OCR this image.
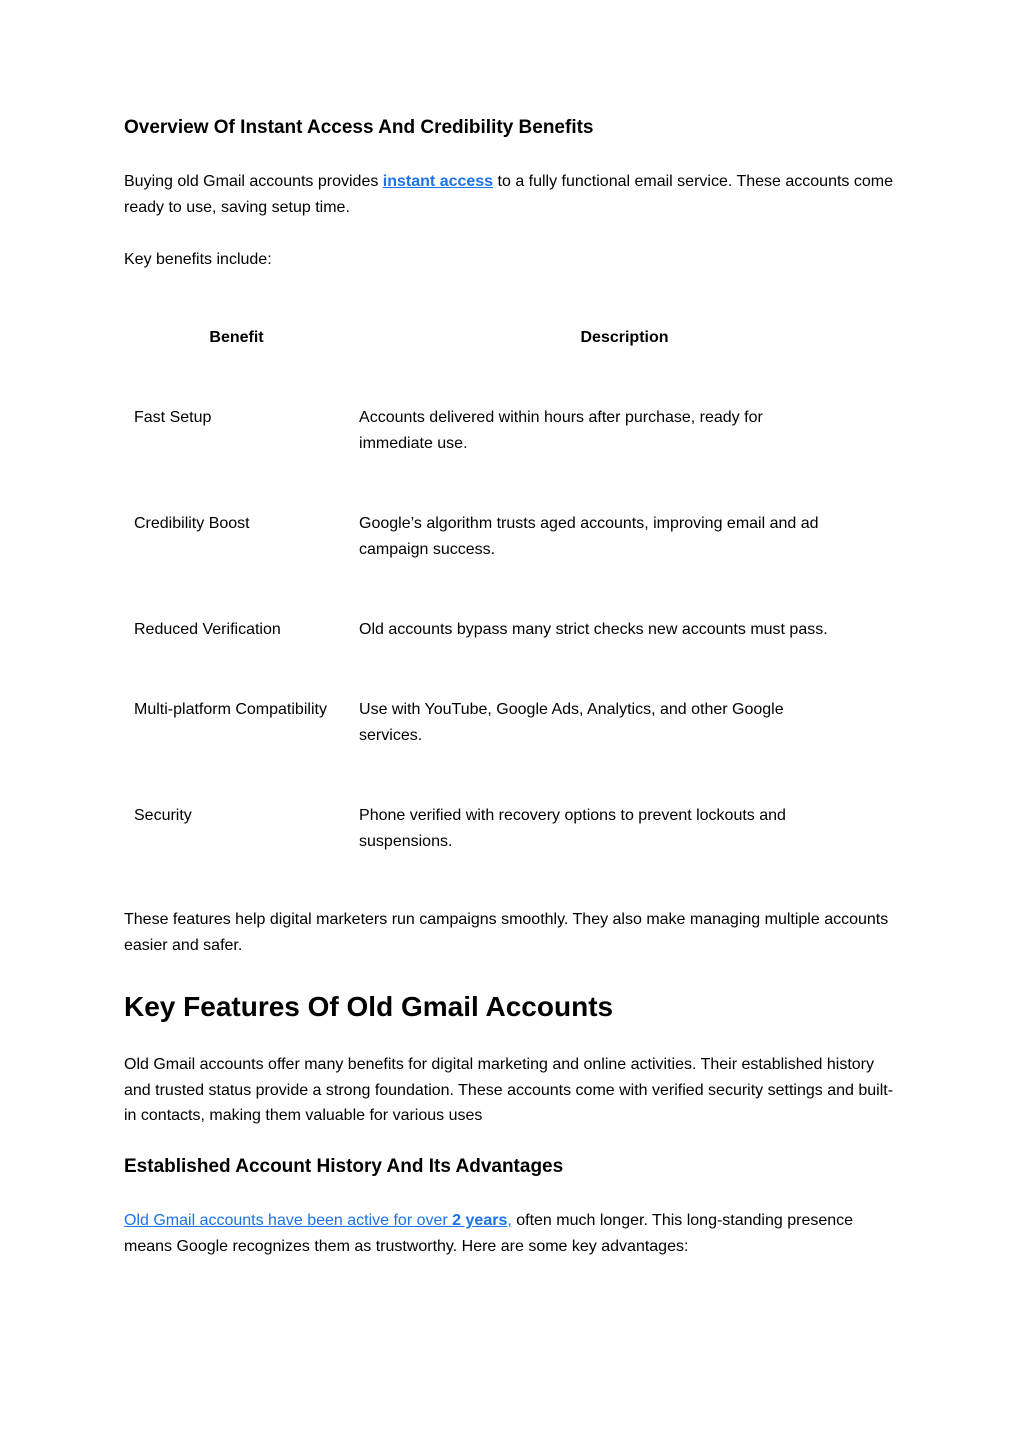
Overview Of Instant Access And Credibility Benefits

Buying old Gmail accounts provides instant access to a fully functional email service. These accounts come ready to use, saving setup time.

Key benefits include:

Benefit	Description
Fast Setup	Accounts delivered within hours after purchase, ready for immediate use.
Credibility Boost	Google’s algorithm trusts aged accounts, improving email and ad campaign success.
Reduced Verification	Old accounts bypass many strict checks new accounts must pass.
Multi-platform Compatibility	Use with YouTube, Google Ads, Analytics, and other Google services.
Security	Phone verified with recovery options to prevent lockouts and suspensions.

These features help digital marketers run campaigns smoothly. They also make managing multiple accounts easier and safer.

Key Features Of Old Gmail Accounts

Old Gmail accounts offer many benefits for digital marketing and online activities. Their established history and trusted status provide a strong foundation. These accounts come with verified security settings and built-in contacts, making them valuable for various uses

Established Account History And Its Advantages

Old Gmail accounts have been active for over 2 years, often much longer. This long-standing presence means Google recognizes them as trustworthy. Here are some key advantages:
